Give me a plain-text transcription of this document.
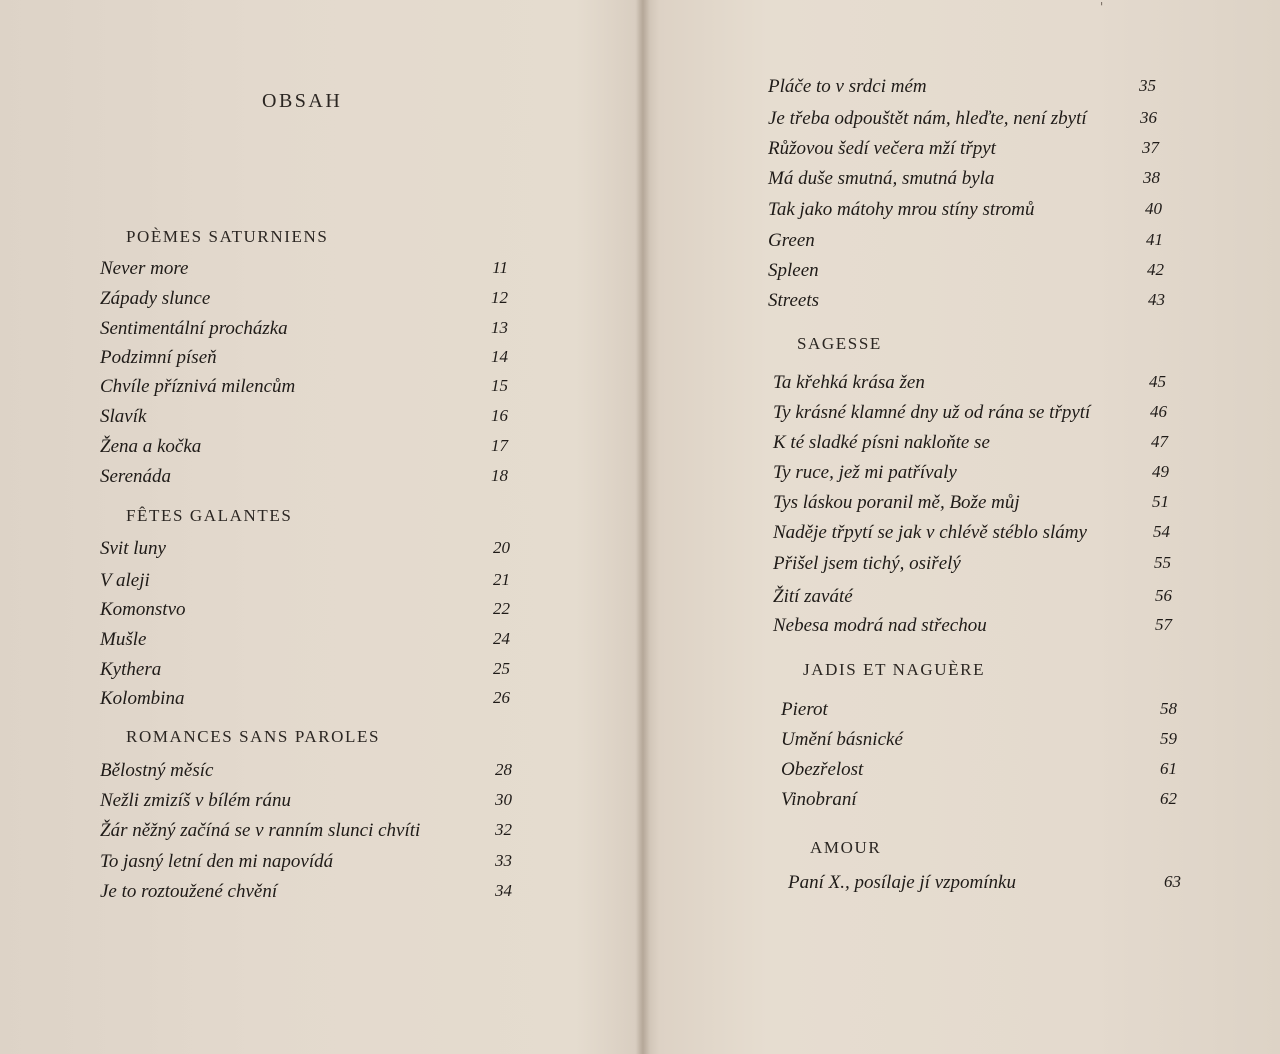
OBSAH
POÈMES SATURNIENS
FÊTES GALANTES
ROMANCES SANS PAROLES
Never more	11
Západy slunce	12
Sentimentální procházka	13
Podzimní píseň	14
Chvíle příznivá milencům	15
Slavík	16
Žena a kočka	17
Serenáda	18
Svit luny	20
V aleji	21
Komonstvo	22
Mušle	24
Kythera	25
Kolombina	26
Bělostný měsíc	28
Nežli zmizíš v bílém ránu	30
Žár něžný začíná se v ranním slunci chvíti	32
To jasný letní den mi napovídá	33
Je to roztoužené chvění	34
'
SAGESSE
JADIS ET NAGUÈRE
AMOUR
Pláče to v srdci mém	35
Je třeba odpouštět nám, hleďte, není zbytí	36
Růžovou šedí večera mží třpyt	37
Má duše smutná, smutná byla	38
Tak jako mátohy mrou stíny stromů	40
Green	41
Spleen	42
Streets	43
Ta křehká krása žen	45
Ty krásné klamné dny už od rána se třpytí	46
K té sladké písni nakloňte se	47
Ty ruce, jež mi patřívaly	49
Tys láskou poranil mě, Bože můj	51
Naděje třpytí se jak v chlévě stéblo slámy	54
Přišel jsem tichý, osiřelý	55
Žití zaváté	56
Nebesa modrá nad střechou	57
Pierot	58
Umění básnické	59
Obezřelost	61
Vinobraní	62
Paní X., posílaje jí vzpomínku	63
